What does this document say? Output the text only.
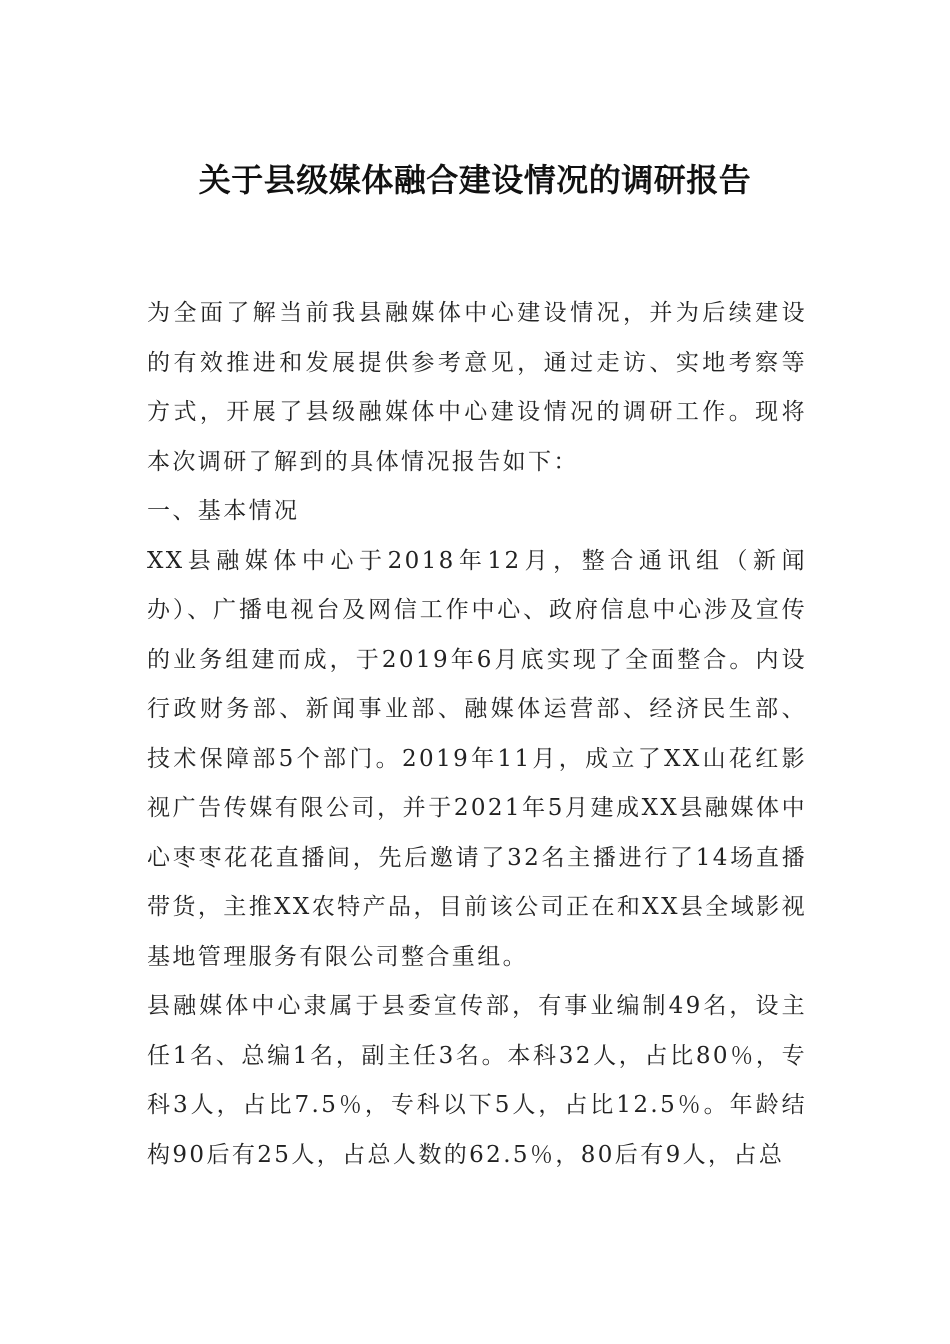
关于县级媒体融合建设情况的调研报告

为全面了解当前我县融媒体中心建设情况，并为后续建设的有效推进和发展提供参考意见，通过走访、实地考察等方式，开展了县级融媒体中心建设情况的调研工作。现将本次调研了解到的具体情况报告如下：

一、基本情况

XX县融媒体中心于2018年12月，整合通讯组（新闻办）、广播电视台及网信工作中心、政府信息中心涉及宣传的业务组建而成，于2019年6月底实现了全面整合。内设行政财务部、新闻事业部、融媒体运营部、经济民生部、技术保障部5个部门。2019年11月，成立了XX山花红影视广告传媒有限公司，并于2021年5月建成XX县融媒体中心枣枣花花直播间，先后邀请了32名主播进行了14场直播带货，主推XX农特产品，目前该公司正在和XX县全域影视基地管理服务有限公司整合重组。

县融媒体中心隶属于县委宣传部，有事业编制49名，设主任1名、总编1名，副主任3名。本科32人，占比80％，专科3人，占比7.5％，专科以下5人，占比12.5％。年龄结构90后有25人，占总人数的62.5％，80后有9人，占总
